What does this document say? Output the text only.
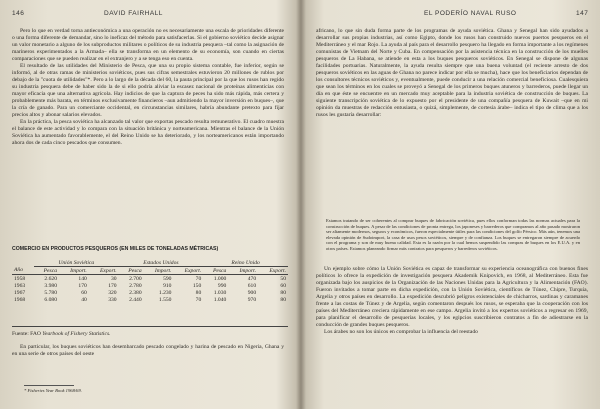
146	DAVID FAIRHALL

Pero lo que en verdad torna antieconómica a una operación no es necesariamente una escala de prioridades diferente o una forma diferente de demandar, sino lo inefícaz del método para satisfacerlas. Si el gobierno soviético decide asignar un valor monetario a alguno de los subproductos militares o políticos de su industria pesquera –tal como la asignación de marineros experimentados a la Armada– ella se transforma en un elemento de su economía, son cuando en ciertas comparaciones que se pueden realizar en el extranjero y a se tenga eso en cuenta.

El resultado de las utilidades del Ministerio de Pesca, que una su propio sistema contable, fue inferior, según se informó, al de otras ramas de ministerios soviéticos, pues sus cifras semestrales estuvieron 20 millones de rublos por debajo de la "cuota de utilidades"*. Pero a lo largo de la década del 60, la pauta principal por la que los rusos han regido su industria pesquera debe de haber sido la de si ello podría aliviar la escasez nacional de proteínas alimenticias con mayor eficacia que una alternativa agrícola. Hay indicios de que la captura de peces ha sido más rápida, más certera y probablemente más barata, en términos exclusivamente financieros –aun admitiendo la mayor inversión en buques–, que la cría de ganado. Para un comerciante occidental, en circunstancias similares, habría abundante pretexto para fijar precios altos y abonar salarios elevados.

En la práctica, la pesca soviética ha alcanzado tal valor que exportas pescado resulta remunerativo. El cuadro muestra el balance de este actividad y lo compara con la situación británica y norteamericana. Mientras el balance de la Unión Soviética ha aumentado favorablemente, el del Reino Unido se ha deteriorado, y los norteamericanos están importando ahora dos de cada cinco pescados que consumen.

COMERCIO EN PRODUCTOS PESQUEROS (EN MILES DE TONELADAS MÉTRICAS)
	Unión Soviética			Estados Unidos			Reino Unido		
Año	Pesca	Import.	Export.	Pesca	Import.	Export.	Pesca	Import.	Export.
1958	2.620	140	30	2.700	590	70	1.000	470	50
1963	3.980	170	170	2.780	910	150	990	610	60
1967	5.780	60	320	2.380	1.230	80	1.030	900	80
1968	6.080	40	330	2.440	1.550	70	1.040	970	80
Fuente: FAO Yearbook of Fishery Statistics.

En particular, los buques soviéticos han desembarcado pescado congelado y harina de pescado en Nigeria, Ghana y en una serie de otros países del oeste

* Fisheries Year Book 1968/69.
EL PODERÍO NAVAL RUSO	147

africano, lo que sin duda forma parte de los programas de ayuda soviética. Ghana y Senegal han sido ayudados a desarrollar sus propias industrias, así como Egipto, donde los rusos han construido nuevos puertos pesqueros en el Mediterráneo y el mar Rojo. La ayuda al país para el desarrollo pesquero ha llegado en forma importante a los regímenes comunistas de Vietnam del Norte y Cuba. En compensación por la asistencia técnica en la construcción de los muelles pesqueros de La Habana, se atiende en esta a los buques pesqueros soviéticos. En Senegal se dispone de algunas facilidades portuarias. Naturalmente, la ayuda resulta siempre que una buena voluntad (el reciente arresto de dos pesqueros soviéticos en las aguas de Ghana no parece indicar por ella se mucha), hace que los beneficiarios dependan de los consultores técnicos soviéticos y, eventualmente, puede conducir a una relación comercial beneficiosa. Cualesquiera que sean los términos en los cuales se proveyó a Senegal de los primeros buques atuneros y barrederos, puede llegar un día en que éste se encuentre en un mercado muy aceptable para la industria soviética de construcción de buques. La siguiente transcripción soviética de lo expuesto por el presidente de una compañía pesquera de Kuwait –que en mi opinión da muestras de redacción entusiasta, o quizá, simplemente, de cortesía árabe– indica el tipo de clima que a los rusos les gustaría desarrollar:

Estamos tratando de ser coherentes al comprar buques de fabricación soviética, pues ellos conforman todas las normas actuales para la construcción de buques. A pesar de las condiciones de pronta entrega, los japoneses y barrederos que compramos al año pasado mostraron ser altamente modernos, seguros y económicos, fueron especialmente útiles para las condiciones del golfo Pérsico. Más aún, tenemos una elevada opinión de Sudoimport, la casa de usos pesos soviéticos, siempre y de confianza. Los buques se entregaron siempre de acuerdo con el programa y son de muy buena calidad. Esta es la razón por la cual hemos suspendido las compras de buques en los E.U.A. y en otros países. Estamos planeando firmar más contratos para pesqueros y barrederos soviéticos.

Un ejemplo sobre cómo la Unión Soviética es capaz de transformar su experiencia oceanográfica con buenos fines políticos lo ofrece la expedición de investigación pesquera Akademik Knipovich, en 1968, al Mediterráneo. Esta fue organizada bajo los auspicios de la Organización de las Naciones Unidas para la Agricultura y la Alimentación (FAO). Fueron invitados a tomar parte en dicha expedición, con la Unión Soviética, científicos de Túnez, Chipre, Turquía, Argelia y otros países en desarrollo. La expedición descubrió peligros existenciales de chicharros, sardinas y caramanes frente a las costas de Túnez y de Argelia, según comentaron después los rusos, se esperaba que la cooperación con los países del Mediterráneo creciera rápidamente en ese campo. Argelia invitó a los expertos soviéticos a regresar en 1969, para planificar el desarrollo de pesquerías locales, y los egipcios suscribieron contratos a fin de adiestrarse en la conducción de grandes buques pesqueros.

Los árabes no son los únicos en comprobar la influencia del reestado
